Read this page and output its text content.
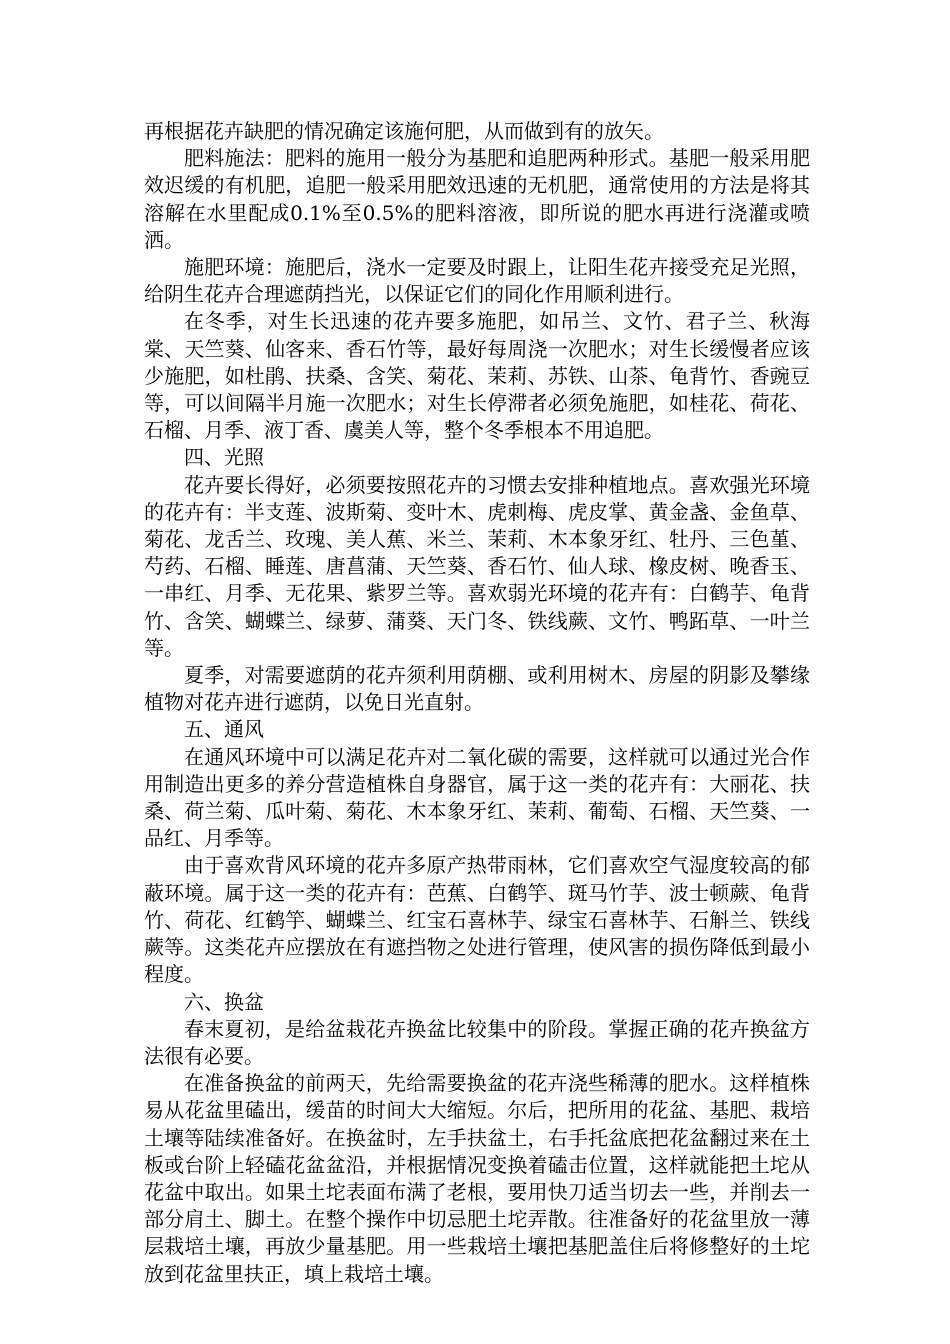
再根据花卉缺肥的情况确定该施何肥，从而做到有的放矢。

肥料施法：肥料的施用一般分为基肥和追肥两种形式。基肥一般采用肥效迟缓的有机肥，追肥一般采用肥效迅速的无机肥，通常使用的方法是将其溶解在水里配成0.1%至0.5%的肥料溶液，即所说的肥水再进行浇灌或喷洒。

施肥环境：施肥后，浇水一定要及时跟上，让阳生花卉接受充足光照，给阴生花卉合理遮荫挡光，以保证它们的同化作用顺利进行。

在冬季，对生长迅速的花卉要多施肥，如吊兰、文竹、君子兰、秋海棠、天竺葵、仙客来、香石竹等，最好每周浇一次肥水；对生长缓慢者应该少施肥，如杜鹃、扶桑、含笑、菊花、茉莉、苏铁、山茶、龟背竹、香豌豆等，可以间隔半月施一次肥水；对生长停滞者必须免施肥，如桂花、荷花、石榴、月季、液丁香、虞美人等，整个冬季根本不用追肥。

四、光照

花卉要长得好，必须要按照花卉的习惯去安排种植地点。喜欢强光环境的花卉有：半支莲、波斯菊、变叶木、虎刺梅、虎皮掌、黄金盏、金鱼草、菊花、龙舌兰、玫瑰、美人蕉、米兰、茉莉、木本象牙红、牡丹、三色堇、芍药、石榴、睡莲、唐菖蒲、天竺葵、香石竹、仙人球、橡皮树、晚香玉、一串红、月季、无花果、紫罗兰等。喜欢弱光环境的花卉有：白鹤芋、龟背竹、含笑、蝴蝶兰、绿萝、蒲葵、天门冬、铁线蕨、文竹、鸭跖草、一叶兰等。

夏季，对需要遮荫的花卉须利用荫棚、或利用树木、房屋的阴影及攀缘植物对花卉进行遮荫，以免日光直射。

五、通风

在通风环境中可以满足花卉对二氧化碳的需要，这样就可以通过光合作用制造出更多的养分营造植株自身器官，属于这一类的花卉有：大丽花、扶桑、荷兰菊、瓜叶菊、菊花、木本象牙红、茉莉、葡萄、石榴、天竺葵、一品红、月季等。

由于喜欢背风环境的花卉多原产热带雨林，它们喜欢空气湿度较高的郁蔽环境。属于这一类的花卉有：芭蕉、白鹤竽、斑马竹芋、波士顿蕨、龟背竹、荷花、红鹤竽、蝴蝶兰、红宝石喜林芋、绿宝石喜林芋、石斛兰、铁线蕨等。这类花卉应摆放在有遮挡物之处进行管理，使风害的损伤降低到最小程度。

六、换盆

春末夏初，是给盆栽花卉换盆比较集中的阶段。掌握正确的花卉换盆方法很有必要。

在准备换盆的前两天，先给需要换盆的花卉浇些稀薄的肥水。这样植株易从花盆里磕出，缓苗的时间大大缩短。尔后，把所用的花盆、基肥、栽培土壤等陆续准备好。在换盆时，左手扶盆土，右手托盆底把花盆翻过来在土板或台阶上轻磕花盆盆沿，并根据情况变换着磕击位置，这样就能把土坨从花盆中取出。如果土坨表面布满了老根，要用快刀适当切去一些，并削去一部分肩土、脚土。在整个操作中切忌肥土坨弄散。往准备好的花盆里放一薄层栽培土壤，再放少量基肥。用一些栽培土壤把基肥盖住后将修整好的土坨放到花盆里扶正，填上栽培土壤。
